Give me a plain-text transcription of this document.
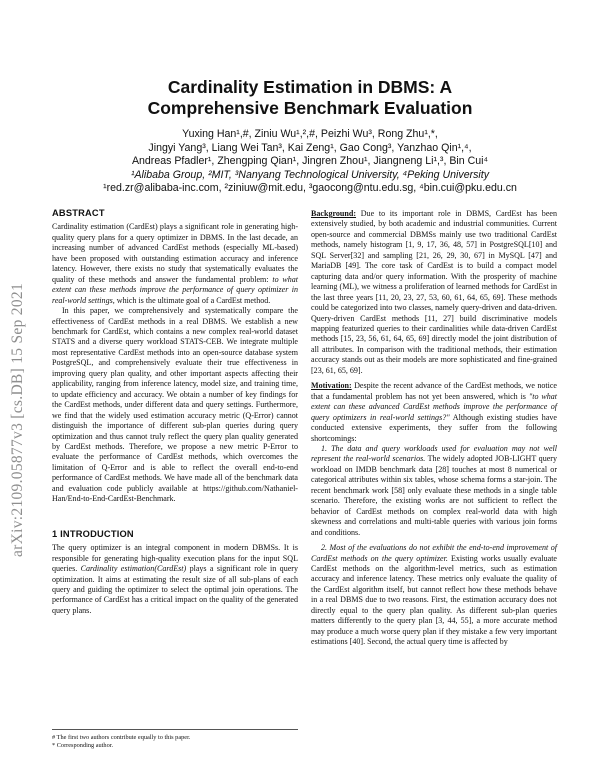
arXiv:2109.05877v3 [cs.DB] 15 Sep 2021
Cardinality Estimation in DBMS: A
Comprehensive Benchmark Evaluation
Yuxing Han¹,#, Ziniu Wu¹,²,#, Peizhi Wu³, Rong Zhu¹,*,
Jingyi Yang³, Liang Wei Tan³, Kai Zeng¹, Gao Cong³, Yanzhao Qin¹,⁴,
Andreas Pfadler¹, Zhengping Qian¹, Jingren Zhou¹, Jiangneng Li¹,³, Bin Cui⁴
¹Alibaba Group, ²MIT, ³Nanyang Technological University, ⁴Peking University
¹red.zr@alibaba-inc.com, ²ziniuw@mit.edu, ³gaocong@ntu.edu.sg, ⁴bin.cui@pku.edu.cn
ABSTRACT

Cardinality estimation (CardEst) plays a significant role in generating high-quality query plans for a query optimizer in DBMS. In the last decade, an increasing number of advanced CardEst methods (especially ML-based) have been proposed with outstanding estimation accuracy and inference latency. However, there exists no study that systematically evaluates the quality of these methods and answer the fundamental problem: to what extent can these methods improve the performance of query optimizer in real-world settings, which is the ultimate goal of a CardEst method.

In this paper, we comprehensively and systematically compare the effectiveness of CardEst methods in a real DBMS. We establish a new benchmark for CardEst, which contains a new complex real-world dataset STATS and a diverse query workload STATS-CEB. We integrate multiple most representative CardEst methods into an open-source database system PostgreSQL, and comprehensively evaluate their true effectiveness in improving query plan quality, and other important aspects affecting their applicability, ranging from inference latency, model size, and training time, to update efficiency and accuracy. We obtain a number of key findings for the CardEst methods, under different data and query settings. Furthermore, we find that the widely used estimation accuracy metric (Q-Error) cannot distinguish the importance of different sub-plan queries during query optimization and thus cannot truly reflect the query plan quality generated by CardEst methods. Therefore, we propose a new metric P-Error to evaluate the performance of CardEst methods, which overcomes the limitation of Q-Error and is able to reflect the overall end-to-end performance of CardEst methods. We have made all of the benchmark data and evaluation code publicly available at https://github.com/Nathaniel-Han/End-to-End-CardEst-Benchmark.

1 INTRODUCTION

The query optimizer is an integral component in modern DBMSs. It is responsible for generating high-quality execution plans for the input SQL queries. Cardinality estimation(CardEst) plays a significant role in query optimization. It aims at estimating the result size of all sub-plans of each query and guiding the optimizer to select the optimal join operations. The performance of CardEst has a critical impact on the quality of the generated query plans.

# The first two authors contribute equally to this paper.
* Corresponding author.

Background: Due to its important role in DBMS, CardEst has been extensively studied, by both academic and industrial communities. Current open-source and commercial DBMSs mainly use two traditional CardEst methods, namely histogram [1, 9, 17, 36, 48, 57] in PostgreSQL[10] and SQL Server[32] and sampling [21, 26, 29, 30, 67] in MySQL [47] and MariaDB [49]. The core task of CardEst is to build a compact model capturing data and/or query information. With the prosperity of machine learning (ML), we witness a proliferation of learned methods for CardEst in the last three years [11, 20, 23, 27, 53, 60, 61, 64, 65, 69]. These methods could be categorized into two classes, namely query-driven and data-driven. Query-driven CardEst methods [11, 27] build discriminative models mapping featurized queries to their cardinalities while data-driven CardEst methods [15, 23, 56, 61, 64, 65, 69] directly model the joint distribution of all attributes. In comparison with the traditional methods, their estimation accuracy stands out as their models are more sophisticated and fine-grained [23, 61, 65, 69].

Motivation: Despite the recent advance of the CardEst methods, we notice that a fundamental problem has not yet been answered, which is "to what extent can these advanced CardEst methods improve the performance of query optimizers in real-world settings?" Although existing studies have conducted extensive experiments, they suffer from the following shortcomings:

1. The data and query workloads used for evaluation may not well represent the real-world scenarios. The widely adopted JOB-LIGHT query workload on IMDB benchmark data [28] touches at most 8 numerical or categorical attributes within six tables, whose schema forms a star-join. The recent benchmark work [58] only evaluate these methods in a single table scenario. Therefore, the existing works are not sufficient to reflect the behavior of CardEst methods on complex real-world data with high skewness and correlations and multi-table queries with various join forms and conditions.

2. Most of the evaluations do not exhibit the end-to-end improvement of CardEst methods on the query optimizer. Existing works usually evaluate CardEst methods on the algorithm-level metrics, such as estimation accuracy and inference latency. These metrics only evaluate the quality of the CardEst algorithm itself, but cannot reflect how these methods behave in a real DBMS due to two reasons. First, the estimation accuracy does not directly equal to the query plan quality. As different sub-plan queries matters differently to the query plan [3, 44, 55], a more accurate method may produce a much worse query plan if they mistake a few very important estimations [40]. Second, the actual query time is affected by
